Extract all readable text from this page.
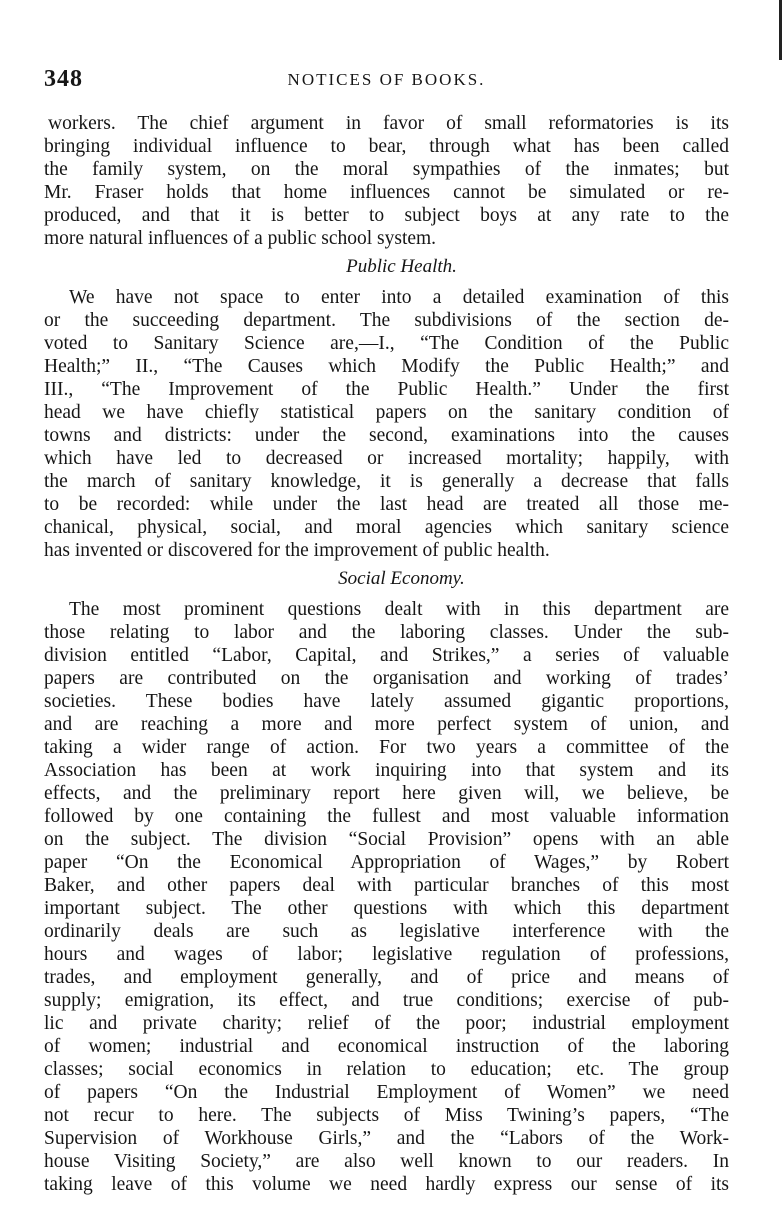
348	NOTICES OF BOOKS.
workers. The chief argument in favor of small reformatories is its
bringing individual influence to bear, through what has been called
the family system, on the moral sympathies of the inmates; but
Mr. Fraser holds that home influences cannot be simulated or re-
produced, and that it is better to subject boys at any rate to the
more natural influences of a public school system.
Public Health.
We have not space to enter into a detailed examination of this
or the succeeding department. The subdivisions of the section de-
voted to Sanitary Science are,—I., “The Condition of the Public
Health;” II., “The Causes which Modify the Public Health;” and
III., “The Improvement of the Public Health.” Under the first
head we have chiefly statistical papers on the sanitary condition of
towns and districts: under the second, examinations into the causes
which have led to decreased or increased mortality; happily, with
the march of sanitary knowledge, it is generally a decrease that falls
to be recorded: while under the last head are treated all those me-
chanical, physical, social, and moral agencies which sanitary science
has invented or discovered for the improvement of public health.
Social Economy.
The most prominent questions dealt with in this department are
those relating to labor and the laboring classes. Under the sub-
division entitled “Labor, Capital, and Strikes,” a series of valuable
papers are contributed on the organisation and working of trades’
societies. These bodies have lately assumed gigantic proportions,
and are reaching a more and more perfect system of union, and
taking a wider range of action. For two years a committee of the
Association has been at work inquiring into that system and its
effects, and the preliminary report here given will, we believe, be
followed by one containing the fullest and most valuable information
on the subject. The division “Social Provision” opens with an able
paper “On the Economical Appropriation of Wages,” by Robert
Baker, and other papers deal with particular branches of this most
important subject. The other questions with which this department
ordinarily deals are such as legislative interference with the
hours and wages of labor; legislative regulation of professions,
trades, and employment generally, and of price and means of
supply; emigration, its effect, and true conditions; exercise of pub-
lic and private charity; relief of the poor; industrial employment
of women; industrial and economical instruction of the laboring
classes; social economics in relation to education; etc. The group
of papers “On the Industrial Employment of Women” we need
not recur to here. The subjects of Miss Twining’s papers, “The
Supervision of Workhouse Girls,” and the “Labors of the Work-
house Visiting Society,” are also well known to our readers. In
taking leave of this volume we need hardly express our sense of its
